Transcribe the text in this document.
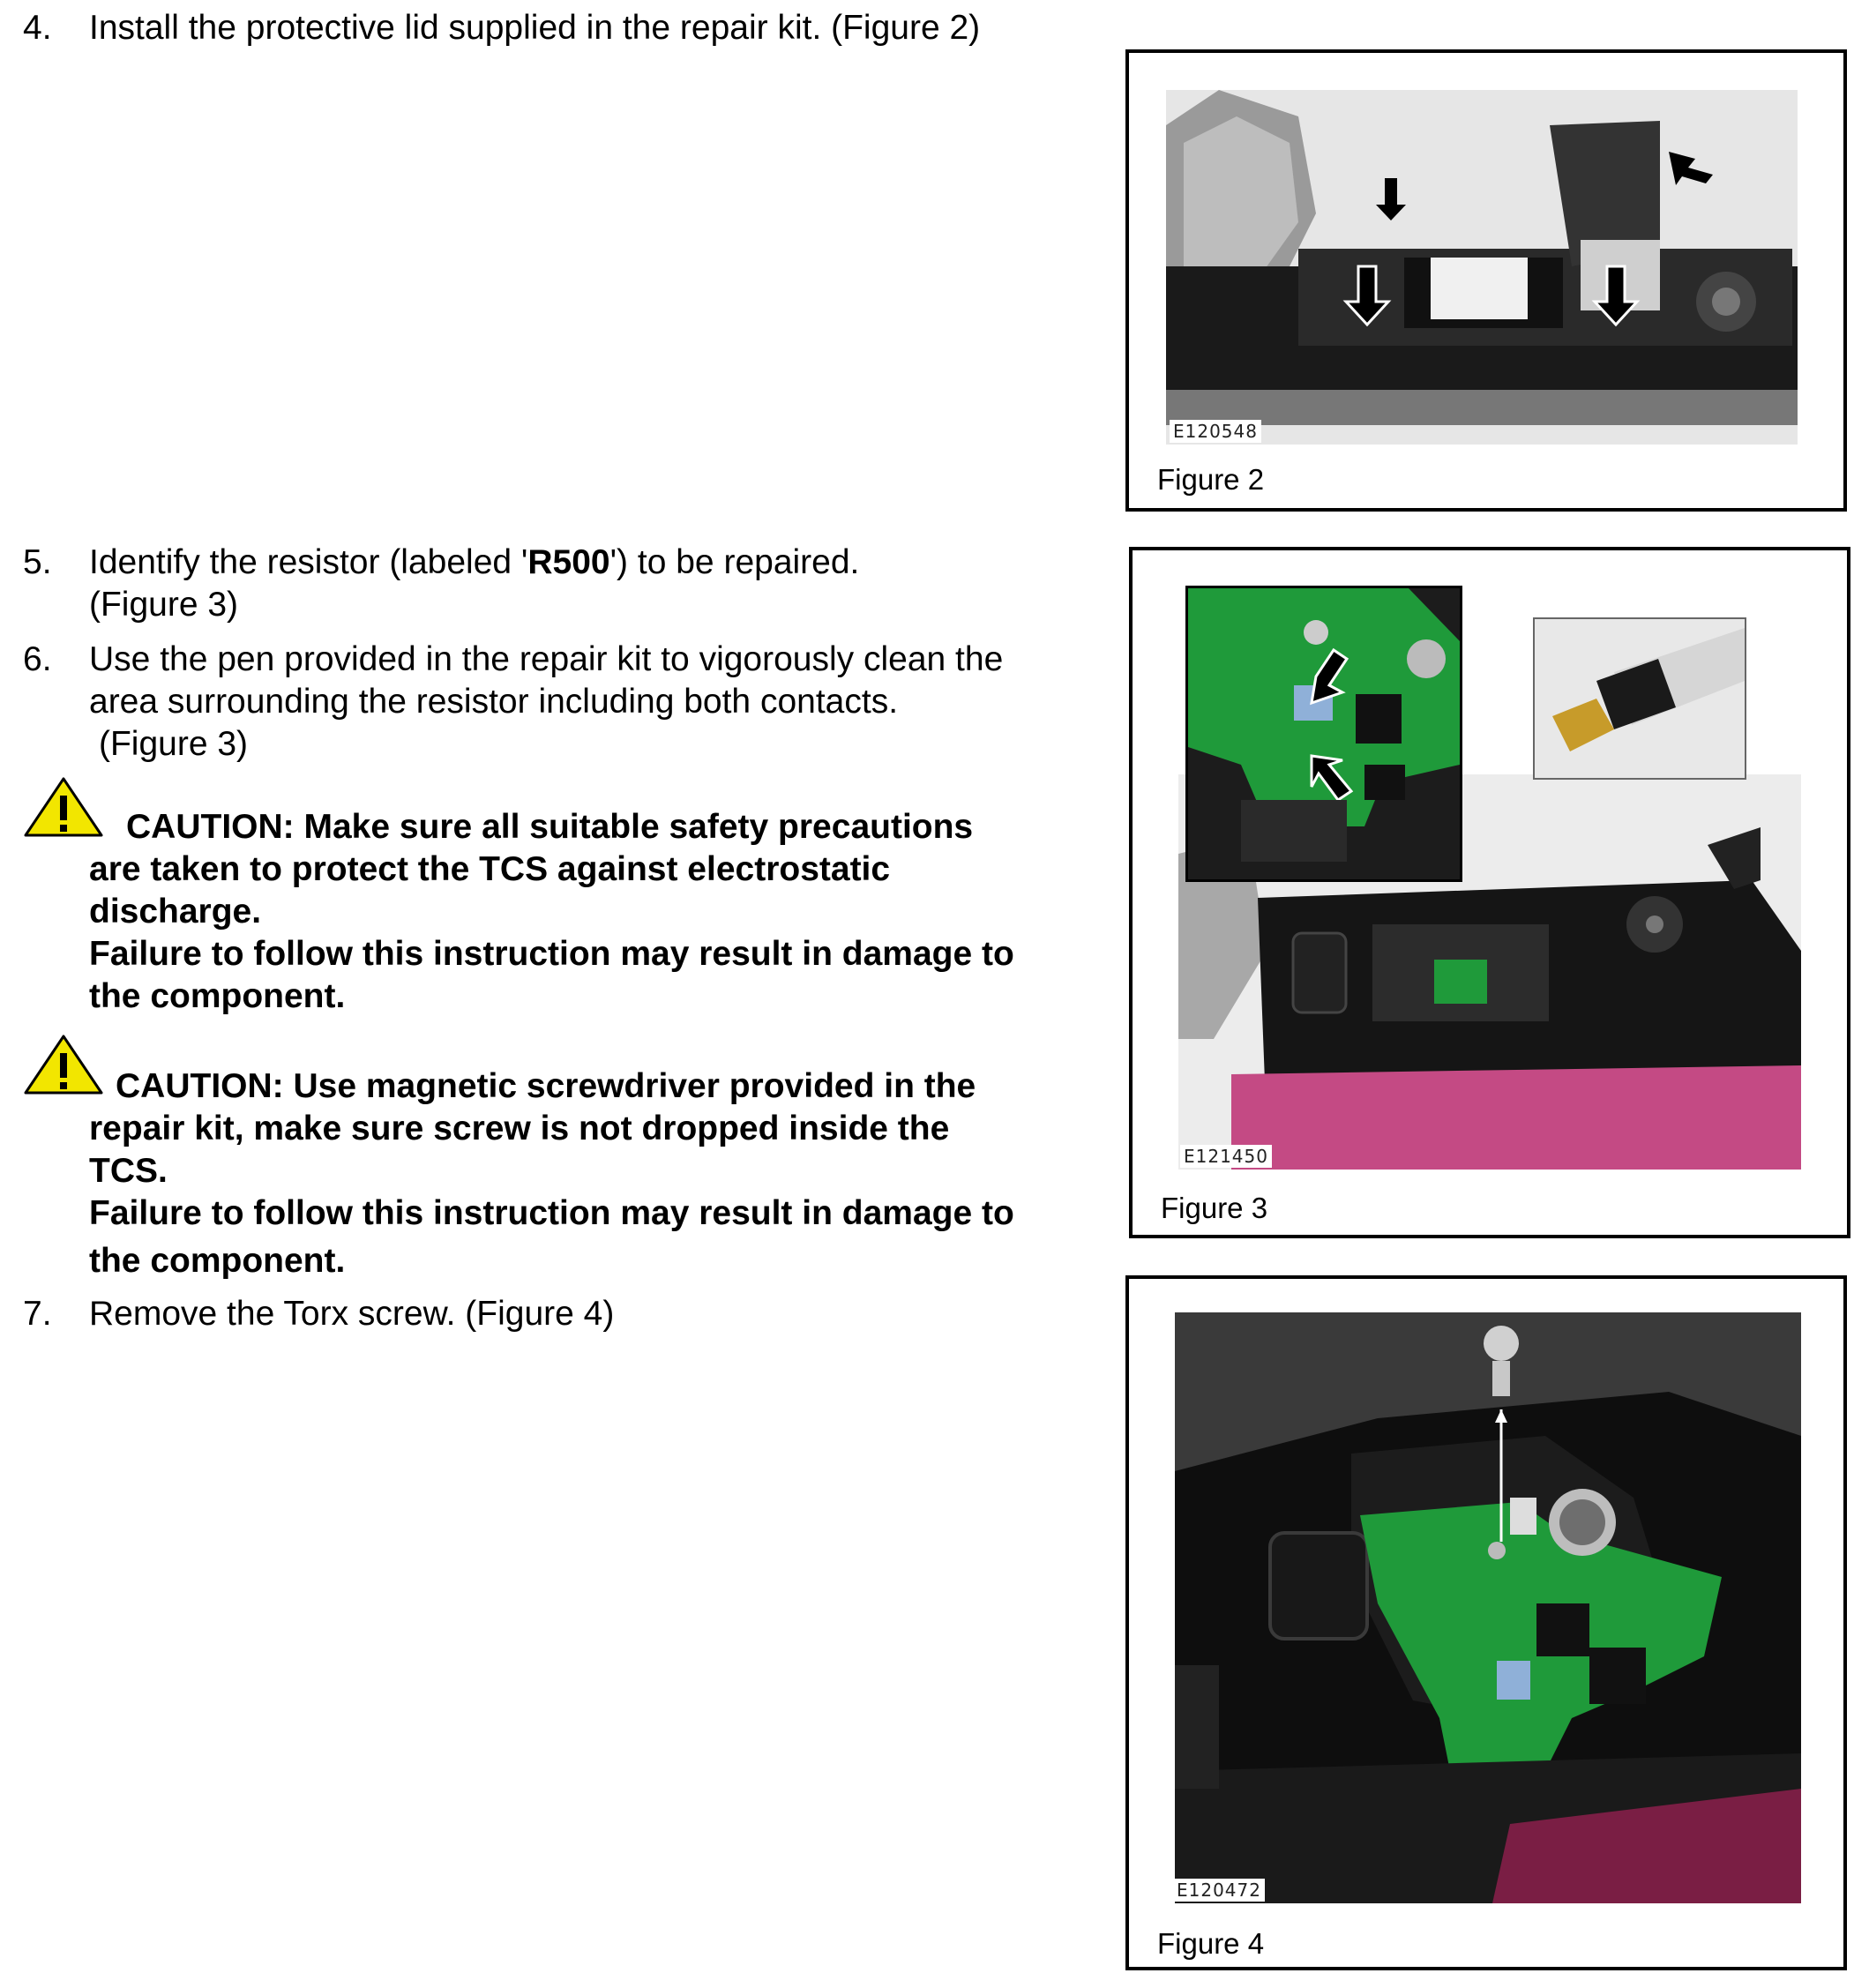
4. Install the protective lid supplied in the repair kit. (Figure 2)
5. Identify the resistor (labeled 'R500') to be repaired.
(Figure 3)
6. Use the pen provided in the repair kit to vigorously clean the
area surrounding the resistor including both contacts.
(Figure 3)
CAUTION: Make sure all suitable safety precautions
are taken to protect the TCS against electrostatic
discharge.
Failure to follow this instruction may result in damage to
the component.
CAUTION: Use magnetic screwdriver provided in the
repair kit, make sure screw is not dropped inside the
TCS.
Failure to follow this instruction may result in damage to
the component.
7. Remove the Torx screw. (Figure 4)
E120548
Figure 2
E121450
Figure 3
E120472
Figure 4
